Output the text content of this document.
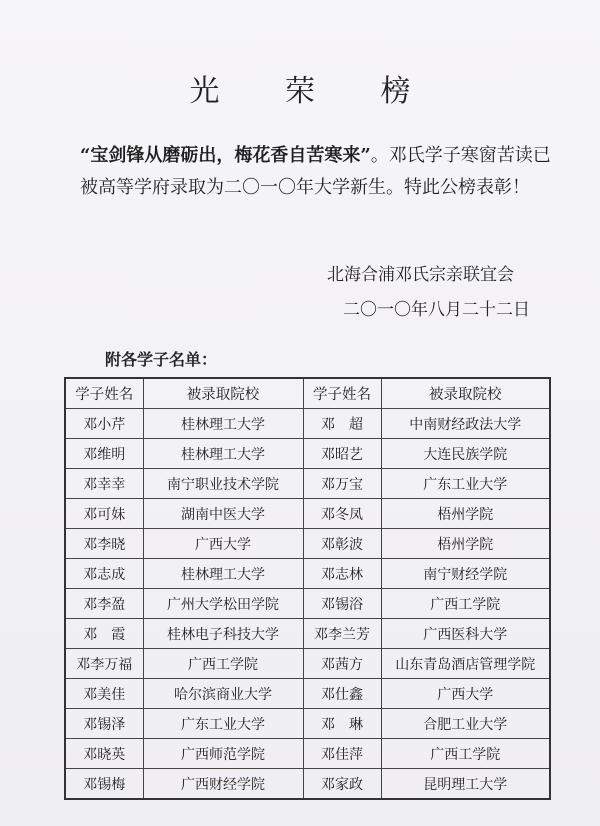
光 荣 榜
“宝剑锋从磨砺出，梅花香自苦寒来”。邓氏学子寒窗苦读已被高等学府录取为二〇一〇年大学新生。特此公榜表彰！
北海合浦邓氏宗亲联宜会
二〇一〇年八月二十二日
附各学子名单：
学子姓名	被录取院校	学子姓名	被录取院校
邓小芹	桂林理工大学	邓　超	中南财经政法大学
邓维明	桂林理工大学	邓昭艺	大连民族学院
邓幸幸	南宁职业技术学院	邓万宝	广东工业大学
邓可妹	湖南中医大学	邓冬凤	梧州学院
邓李晓	广西大学	邓彰波	梧州学院
邓志成	桂林理工大学	邓志林	南宁财经学院
邓李盈	广州大学松田学院	邓锡浴	广西工学院
邓　霞	桂林电子科技大学	邓李兰芳	广西医科大学
邓李万福	广西工学院	邓茜方	山东青岛酒店管理学院
邓美佳	哈尔滨商业大学	邓仕鑫	广西大学
邓锡泽	广东工业大学	邓　琳	合肥工业大学
邓晓英	广西师范学院	邓佳萍	广西工学院
邓锡梅	广西财经学院	邓家政	昆明理工大学
